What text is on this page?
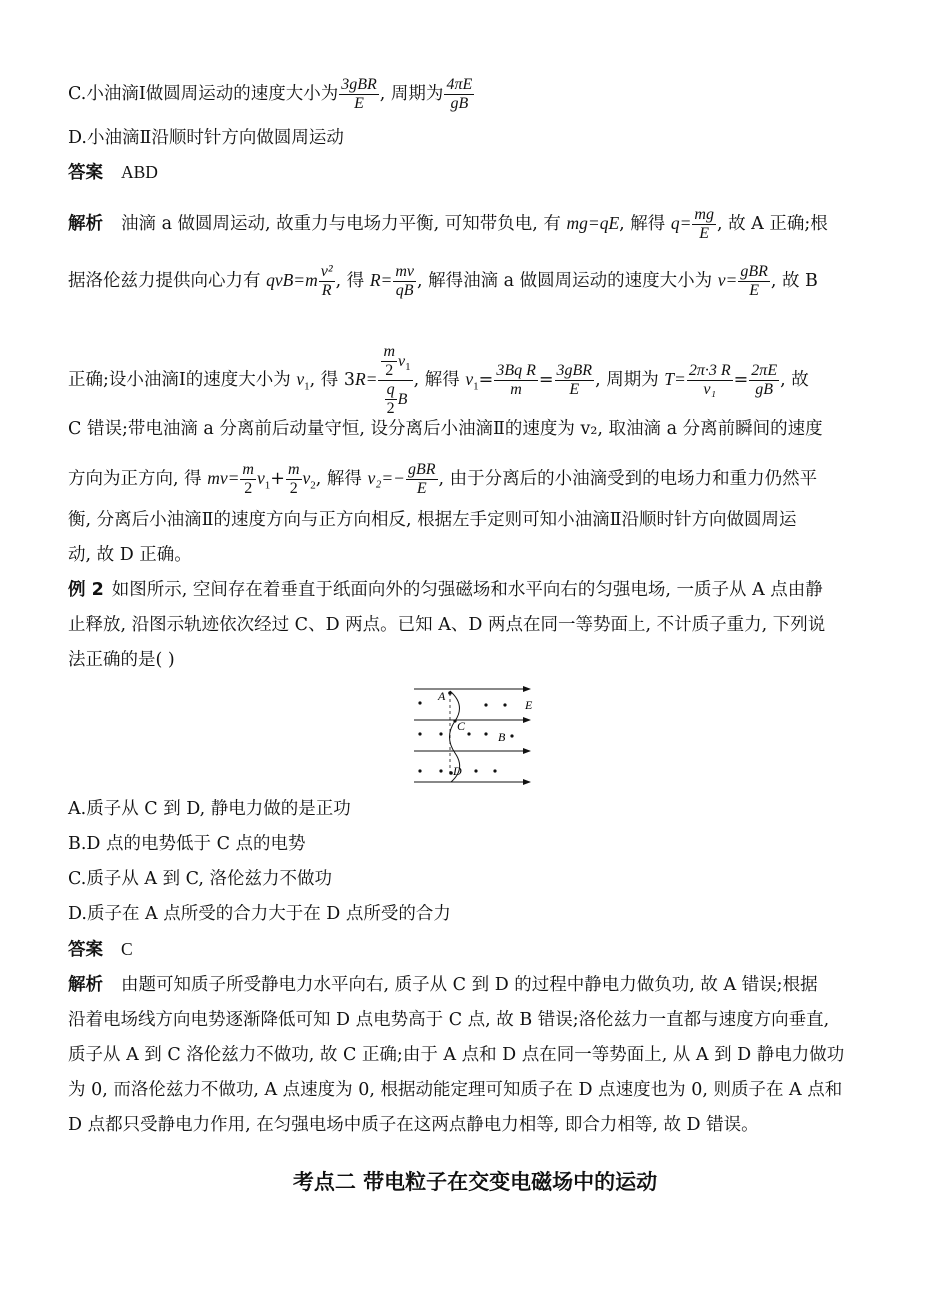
C.小油滴Ⅰ做圆周运动的速度大小为 $\frac{\text{3gBR}}{E}$ , 周期为 $\frac{4\pi E}{gB}$
D.小油滴Ⅱ沿顺时针方向做圆周运动
答案 ABD
解析 油滴 a 做圆周运动, 故重力与电场力平衡, 可知带负电, 有 mg=qE, 解得 $q= \frac{mg}{E}$ , 故 A 正确;根
据洛伦兹力提供向心力有 $qvB=m \frac{\text{v²}}{R}$ , 得 $R= \frac{mv}{qB}$ , 解得油滴 a 做圆周运动的速度大小为 $v= \frac{\text{gBR}}{E}$ , 故 B
正确;设小油滴Ⅰ的速度大小为 $v_1$, 得 $3R= \frac{\frac{m}{2} v_1}{\frac{q}{2} B}$ , 解得 $v_1= \frac{\text{3Bq R}}{m} = \frac{\text{3gBR}}{E}$ , 周期为 $T= \frac{2\pi\cdot 3 R}{\text{v₁}} = \frac{2\pi E}{gB}$ , 故
C 错误;带电油滴 a 分离前后动量守恒, 设分离后小油滴Ⅱ的速度为 v₂, 取油滴 a 分离前瞬间的速度
方向为正方向, 得 $mv= \frac{m}{2} v_1+ \frac{m}{2} v_2$, 解得 $v_2=- \frac{\text{gBR}}{E}$ , 由于分离后的小油滴受到的电场力和重力仍然平
衡, 分离后小油滴Ⅱ的速度方向与正方向相反, 根据左手定则可知小油滴Ⅱ沿顺时针方向做圆周运
动, 故 D 正确。
例 2 如图所示, 空间存在着垂直于纸面向外的匀强磁场和水平向右的匀强电场, 一质子从 A 点由静
止释放, 沿图示轨迹依次经过 C、D 两点。已知 A、D 两点在同一等势面上, 不计质子重力, 下列说
法正确的是( )
A
C
B
D
E
A.质子从 C 到 D, 静电力做的是正功
B.D 点的电势低于 C 点的电势
C.质子从 A 到 C, 洛伦兹力不做功
D.质子在 A 点所受的合力大于在 D 点所受的合力
答案 C
解析 由题可知质子所受静电力水平向右, 质子从 C 到 D 的过程中静电力做负功, 故 A 错误;根据
沿着电场线方向电势逐渐降低可知 D 点电势高于 C 点, 故 B 错误;洛伦兹力一直都与速度方向垂直,
质子从 A 到 C 洛伦兹力不做功, 故 C 正确;由于 A 点和 D 点在同一等势面上, 从 A 到 D 静电力做功
为 0, 而洛伦兹力不做功, A 点速度为 0, 根据动能定理可知质子在 D 点速度也为 0, 则质子在 A 点和
D 点都只受静电力作用, 在匀强电场中质子在这两点静电力相等, 即合力相等, 故 D 错误。
考点二 带电粒子在交变电磁场中的运动
